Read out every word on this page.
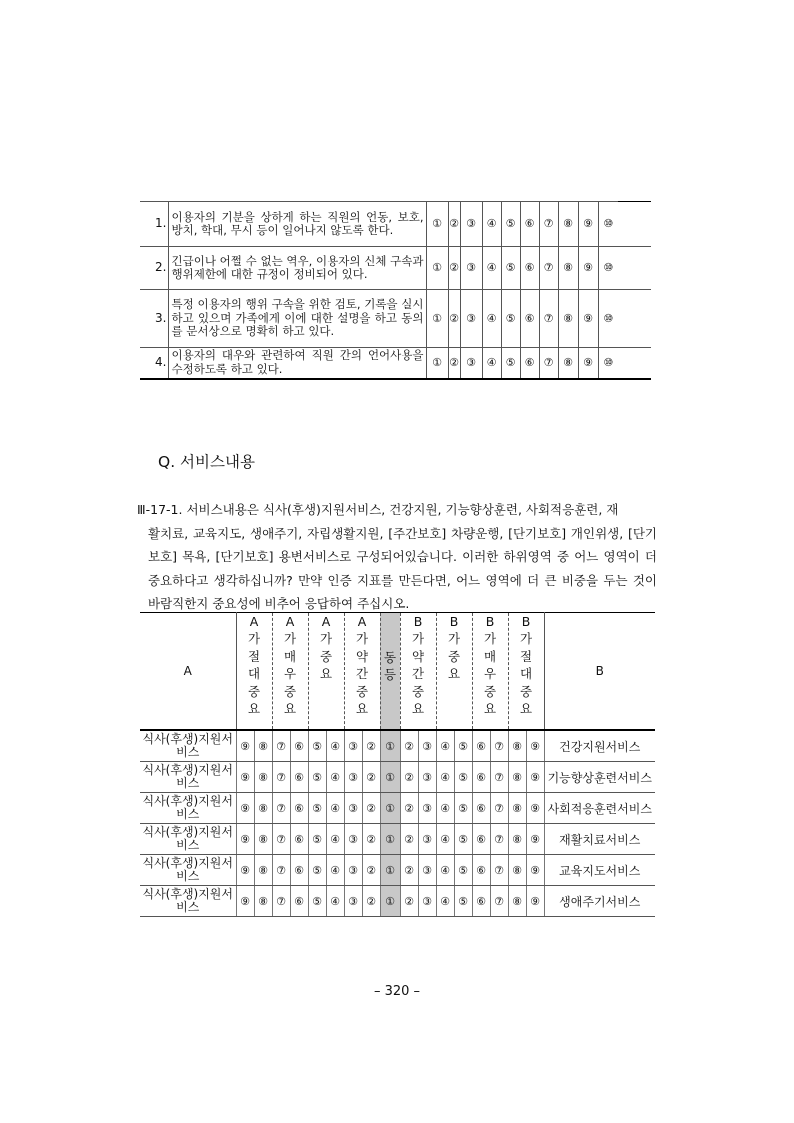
1.	이용자의 기분을 상하게 하는 직원의 언동, 보호, 방치, 학대, 무시 등이 일어나지 않도록 한다.	①	②	③	④	⑤	⑥	⑦	⑧	⑨	⑩
2.	긴급이나 어쩔 수 없는 역우, 이용자의 신체 구속과 행위제한에 대한 규정이 정비되어 있다.	①	②	③	④	⑤	⑥	⑦	⑧	⑨	⑩
3.	특정 이용자의 행위 구속을 위한 검토, 기록을 실시하고 있으며 가족에게 이에 대한 설명을 하고 동의를 문서상으로 명확히 하고 있다.	①	②	③	④	⑤	⑥	⑦	⑧	⑨	⑩
4.	이용자의 대우와 관련하여 직원 간의 언어사용을 수정하도록 하고 있다.	①	②	③	④	⑤	⑥	⑦	⑧	⑨	⑩
Q. 서비스내용
Ⅲ-17-1. 서비스내용은 식사(후생)지원서비스, 건강지원, 기능향상훈련, 사회적응훈련, 재
활치료, 교육지도, 생애주기, 자립생활지원, [주간보호] 차량운행, [단기보호] 개인위생, [단기보호] 목욕, [단기보호] 용변서비스로 구성되어있습니다. 이러한 하위영역 중 어느 영역이 더 중요하다고 생각하십니까? 만약 인증 지표를 만든다면, 어느 영역에 더 큰 비중을 두는 것이 바람직한지 중요성에 비추어 응답하여 주십시오.
A	A가절대중요		A가매우중요		A가중요		A가약간중요		동등	B가약간중요		B가중요		B가매우중요		B가절대중요		B
식사(후생)지원서비스	⑨	⑧	⑦	⑥	⑤	④	③	②	①	②	③	④	⑤	⑥	⑦	⑧	⑨	건강지원서비스
식사(후생)지원서비스	⑨	⑧	⑦	⑥	⑤	④	③	②	①	②	③	④	⑤	⑥	⑦	⑧	⑨	기능향상훈련서비스
식사(후생)지원서비스	⑨	⑧	⑦	⑥	⑤	④	③	②	①	②	③	④	⑤	⑥	⑦	⑧	⑨	사회적응훈련서비스
식사(후생)지원서비스	⑨	⑧	⑦	⑥	⑤	④	③	②	①	②	③	④	⑤	⑥	⑦	⑧	⑨	재활치료서비스
식사(후생)지원서비스	⑨	⑧	⑦	⑥	⑤	④	③	②	①	②	③	④	⑤	⑥	⑦	⑧	⑨	교육지도서비스
식사(후생)지원서비스	⑨	⑧	⑦	⑥	⑤	④	③	②	①	②	③	④	⑤	⑥	⑦	⑧	⑨	생애주기서비스
– 320 –
